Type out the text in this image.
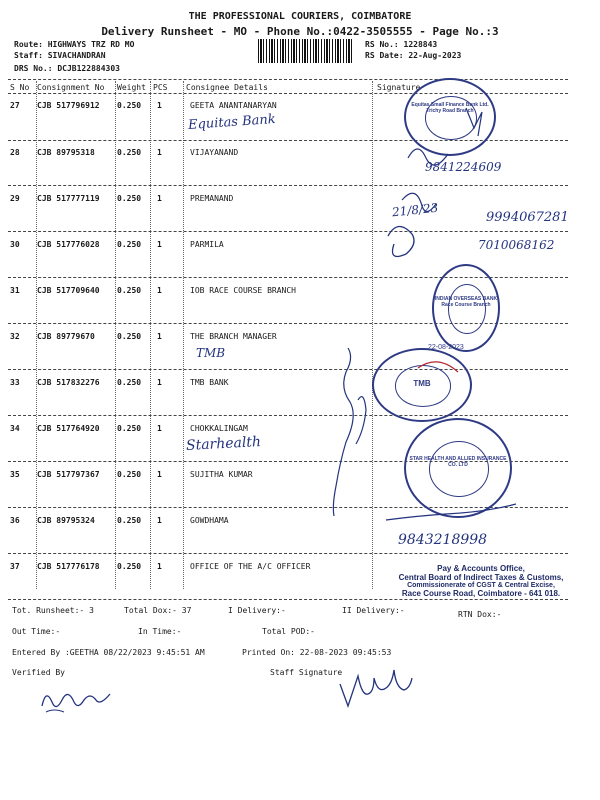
THE PROFESSIONAL COURIERS, COIMBATORE
Delivery Runsheet - MO - Phone No.:0422-3505555 - Page No.:3
Route: HIGHWAYS TRZ RD MO
Staff: SIVACHANDRAN
DRS No.: DCJB122884303
RS No.: 1228843
RS Date: 22-Aug-2023
S No Consignment No Weight PCS Consignee Details	Signature
27 CJB 517796912 0.250 1	GEETA ANANTANARYAN
Equitas Bank
28 CJB 89795318	0.250 1	VIJAYANAND
29 CJB 517777119 0.250 1	PREMANAND
30 CJB 517776028 0.250 1	PARMILA
31 CJB 517709640 0.250 1	IOB RACE COURSE BRANCH
32 CJB 89779670	0.250 1	THE BRANCH MANAGER
TMB
33 CJB 517832276 0.250 1	TMB BANK
34 CJB 517764920 0.250 1	CHOKKALINGAM
Starhealth
35 CJB 517797367 0.250 1	SUJITHA KUMAR
36 CJB 89795324	0.250 1	GOWDHAMA
37 CJB 517776178 0.250 1	OFFICE OF THE A/C OFFICER
Equitas Small Finance Bank Ltd. Trichy Road Branch
9841224609
21/8/23	9994067281
7010068162
INDIAN OVERSEAS BANK Race Course Branch
22-08-2023
TMB
STAR HEALTH AND ALLIED INSURANCE CO. LTD
9843218998
Pay & Accounts Office,
Central Board of Indirect Taxes & Customs,
Commissionerate of CGST & Central Excise,
Race Course Road, Coimbatore - 641 018.
Tot. Runsheet:- 3	Total Dox:- 37	I Delivery:-	II Delivery:-	RTN Dox:-
Out Time:-	In Time:-	Total POD:-
Entered By :GEETHA 08/22/2023 9:45:51 AM	Printed On: 22-08-2023 09:45:53
Verified By	Staff Signature
